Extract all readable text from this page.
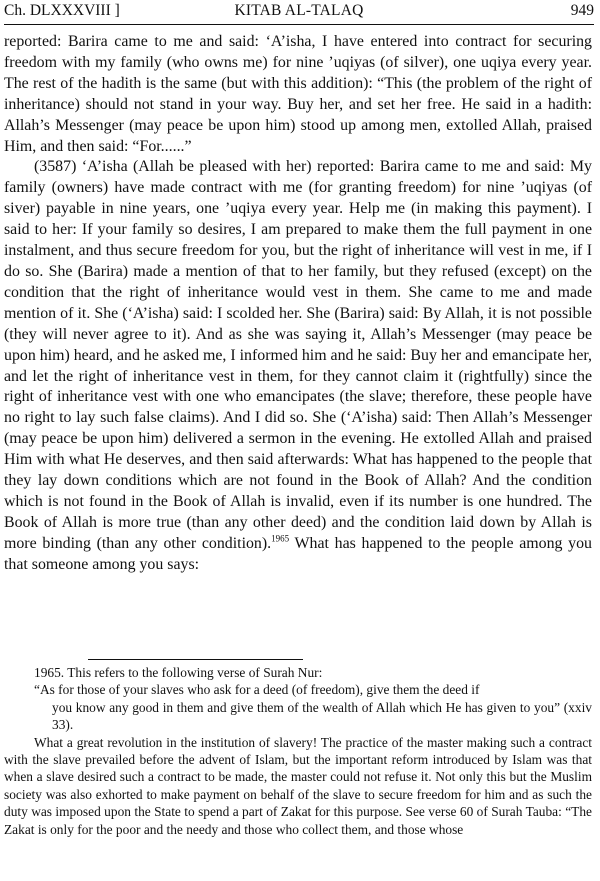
Ch. DLXXXVIII ]	KITAB AL-TALAQ	949

reported: Barira came to me and said: ‘A’isha, I have entered into contract for securing freedom with my family (who owns me) for nine ’uqiyas (of silver), one uqiya every year. The rest of the hadith is the same (but with this addition): “This (the problem of the right of inheritance) should not stand in your way. Buy her, and set her free. He said in a hadith: Allah’s Messenger (may peace be upon him) stood up among men, extolled Allah, praised Him, and then said: “For......”

(3587) ‘A’isha (Allah be pleased with her) reported: Barira came to me and said: My family (owners) have made contract with me (for granting freedom) for nine ’uqiyas (of siver) payable in nine years, one ’uqiya every year. Help me (in making this payment). I said to her: If your family so desires, I am prepared to make them the full payment in one instalment, and thus secure freedom for you, but the right of inheritance will vest in me, if I do so. She (Barira) made a mention of that to her family, but they refused (except) on the condition that the right of inheritance would vest in them. She came to me and made mention of it. She (‘A’isha) said: I scolded her. She (Barira) said: By Allah, it is not possible (they will never agree to it). And as she was saying it, Allah’s Messenger (may peace be upon him) heard, and he asked me, I informed him and he said: Buy her and emancipate her, and let the right of inheritance vest in them, for they cannot claim it (rightfully) since the right of inheritance vest with one who emancipates (the slave; therefore, these people have no right to lay such false claims). And I did so. She (‘A’isha) said: Then Allah’s Messenger (may peace be upon him) delivered a sermon in the evening. He extolled Allah and praised Him with what He deserves, and then said afterwards: What has happened to the people that they lay down conditions which are not found in the Book of Allah? And the condition which is not found in the Book of Allah is invalid, even if its number is one hundred. The Book of Allah is more true (than any other deed) and the condition laid down by Allah is more binding (than any other condition).$^{1965}$ What has happened to the people among you that someone among you says:

1965. This refers to the following verse of Surah Nur:

“As for those of your slaves who ask for a deed (of freedom), give them the deed if

you know any good in them and give them of the wealth of Allah which He has given to you” (xxiv 33).

What a great revolution in the institution of slavery! The practice of the master making such a contract with the slave prevailed before the advent of Islam, but the important reform introduced by Islam was that when a slave desired such a contract to be made, the master could not refuse it. Not only this but the Muslim society was also exhorted to make payment on behalf of the slave to secure freedom for him and as such the duty was imposed upon the State to spend a part of Zakat for this purpose. See verse 60 of Surah Tauba: “The Zakat is only for the poor and the needy and those who collect them, and those whose
